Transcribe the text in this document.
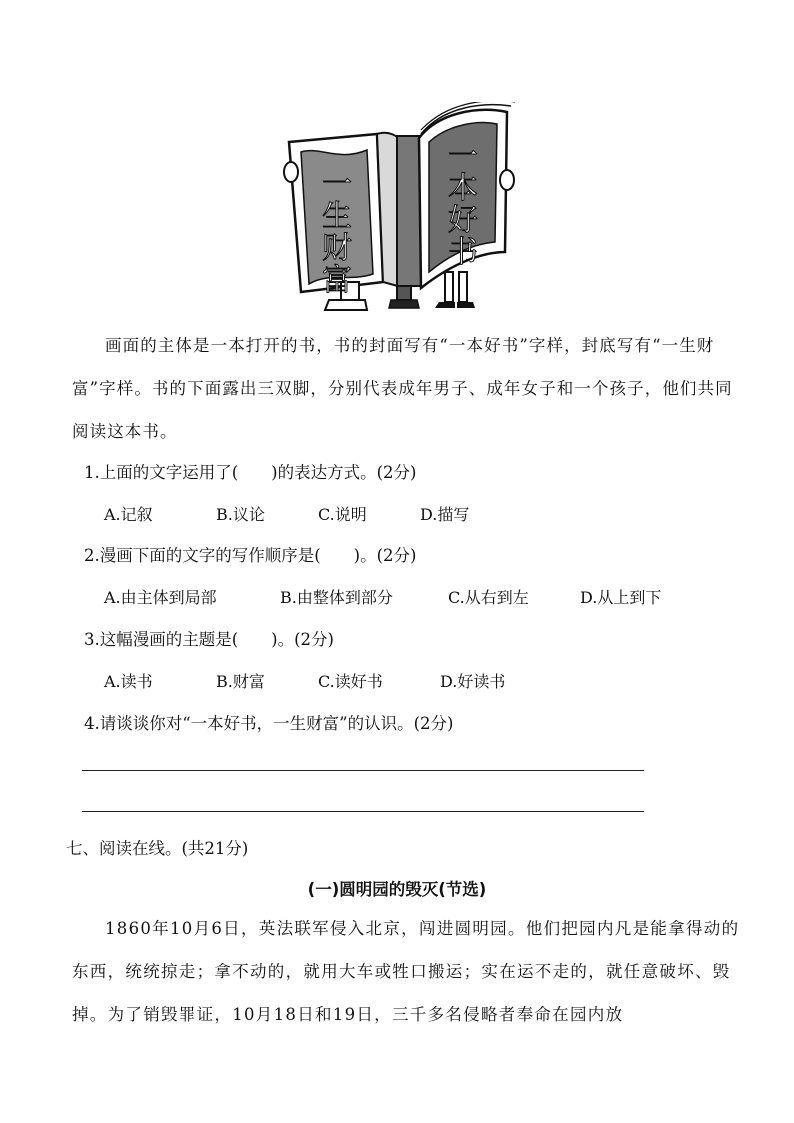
一
生
财
富
一
本
好
书

画面的主体是一本打开的书，书的封面写有“一本好书”字样，封底写有“一生财富”字样。书的下面露出三双脚，分别代表成年男子、成年女子和一个孩子，他们共同阅读这本书。

1.上面的文字运用了(　　)的表达方式。(2分)
A.记叙	B.议论	C.说明	D.描写
2.漫画下面的文字的写作顺序是(　　)。(2分)
A.由主体到局部	B.由整体到部分	C.从右到左	D.从上到下
3.这幅漫画的主题是(　　)。(2分)
A.读书	B.财富	C.读好书	D.好读书
4.请谈谈你对“一本好书，一生财富”的认识。(2分)
七、阅读在线。(共21分)
(一)圆明园的毁灭(节选)

1860年10月6日，英法联军侵入北京，闯进圆明园。他们把园内凡是能拿得动的东西，统统掠走；拿不动的，就用大车或牲口搬运；实在运不走的，就任意破坏、毁掉。为了销毁罪证，10月18日和19日，三千多名侵略者奉命在园内放
